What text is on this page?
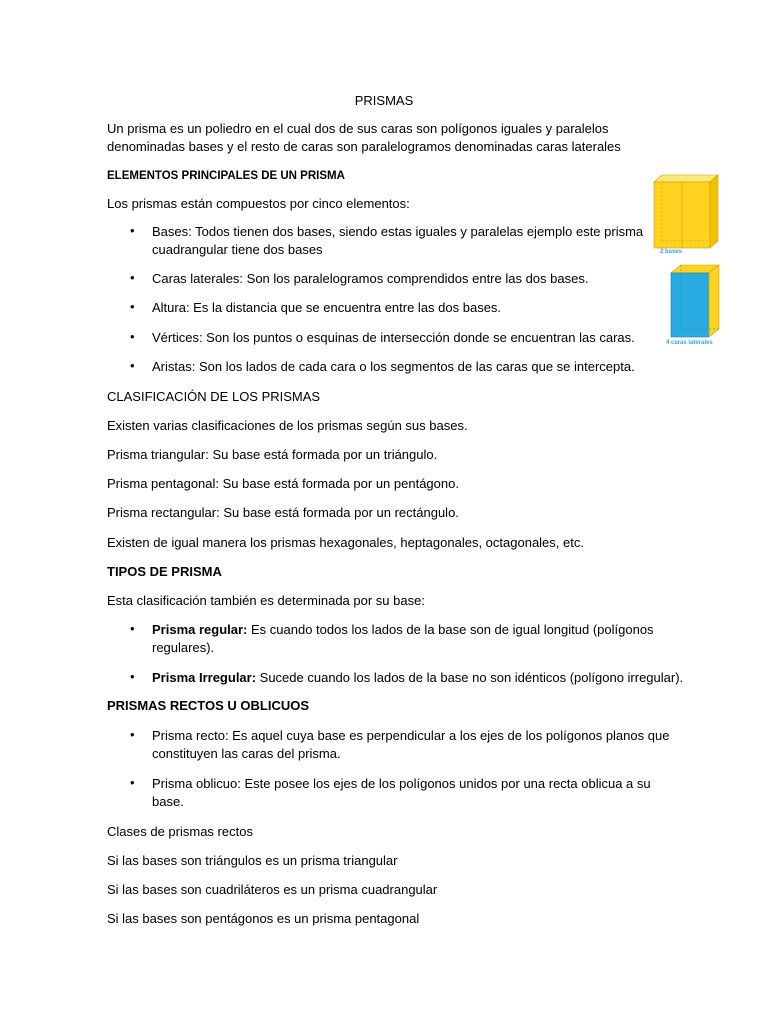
PRISMAS
Un prisma es un poliedro en el cual dos de sus caras son polígonos iguales y paralelos
denominadas bases y el resto de caras son paralelogramos denominadas caras laterales
ELEMENTOS PRINCIPALES DE UN PRISMA
Los prismas están compuestos por cinco elementos:
• Bases: Todos tienen dos bases, siendo estas iguales y paralelas ejemplo este prisma
cuadrangular tiene dos bases
• Caras laterales: Son los paralelogramos comprendidos entre las dos bases.
• Altura: Es la distancia que se encuentra entre las dos bases.
• Vértices: Son los puntos o esquinas de intersección donde se encuentran las caras.
• Aristas: Son los lados de cada cara o los segmentos de las caras que se intercepta.
2 bases
4 caras laterales
CLASIFICACIÓN DE LOS PRISMAS
Existen varias clasificaciones de los prismas según sus bases.
Prisma triangular: Su base está formada por un triángulo.
Prisma pentagonal: Su base está formada por un pentágono.
Prisma rectangular: Su base está formada por un rectángulo.
Existen de igual manera los prismas hexagonales, heptagonales, octagonales, etc.
TIPOS DE PRISMA
Esta clasificación también es determinada por su base:
• Prisma regular: Es cuando todos los lados de la base son de igual longitud (polígonos
regulares).
• Prisma Irregular: Sucede cuando los lados de la base no son idénticos (polígono irregular).
PRISMAS RECTOS U OBLICUOS
• Prisma recto: Es aquel cuya base es perpendicular a los ejes de los polígonos planos que
constituyen las caras del prisma.
• Prisma oblicuo: Este posee los ejes de los polígonos unidos por una recta oblicua a su
base.
Clases de prismas rectos
Si las bases son triángulos es un prisma triangular
Si las bases son cuadriláteros es un prisma cuadrangular
Si las bases son pentágonos es un prisma pentagonal
